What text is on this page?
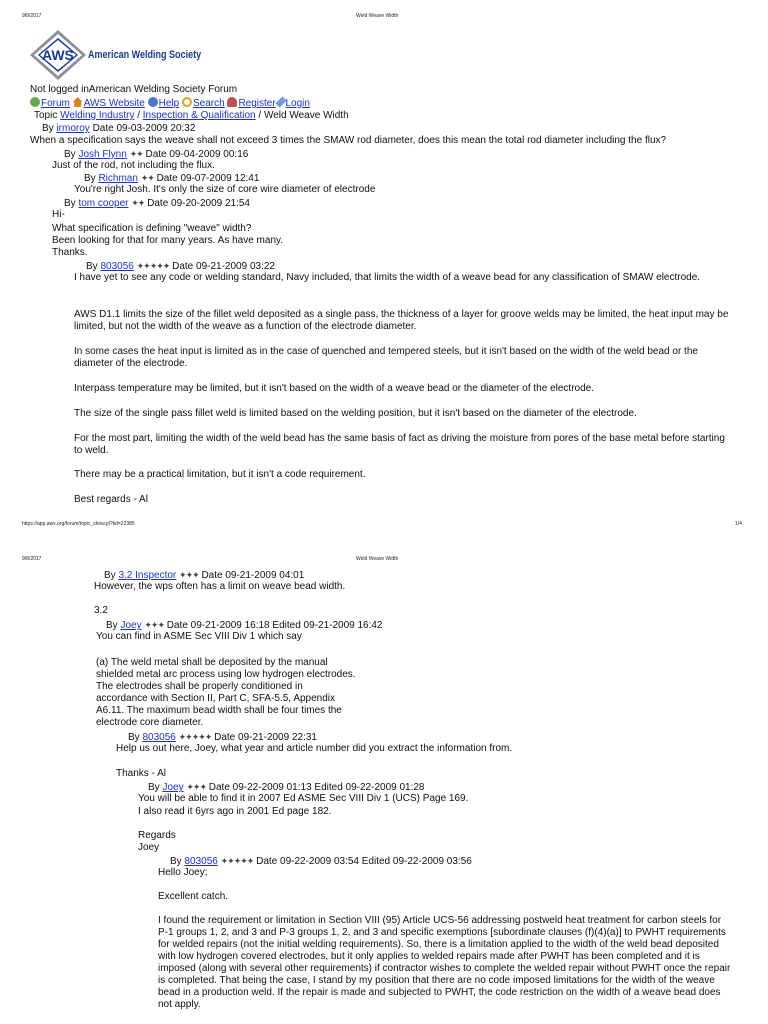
9/8/2017	Weld Weave Width
AWS American Welding Society
Not logged inAmerican Welding Society Forum
Forum AWS Website Help Search Register Login
Topic Welding Industry / Inspection & Qualification / Weld Weave Width
By irmoroy Date 09-03-2009 20:32
When a specification says the weave shall not exceed 3 times the SMAW rod diameter, does this mean the total rod diameter including the flux?
By Josh Flynn ✦✦ Date 09-04-2009 00:16
Just of the rod, not including the flux.
By Richman ✦✦ Date 09-07-2009 12:41
You're right Josh. It's only the size of core wire diameter of electrode
By tom cooper ✦✦ Date 09-20-2009 21:54
Hi-
What specification is defining "weave" width?
Been looking for that for many years. As have many.
Thanks.
By 803056 ✦✦✦✦✦ Date 09-21-2009 03:22
I have yet to see any code or welding standard, Navy included, that limits the width of a weave bead for any classification of SMAW electrode.
AWS D1.1 limits the size of the fillet weld deposited as a single pass, the thickness of a layer for groove welds may be limited, the heat input may be limited, but not the width of the weave as a function of the electrode diameter.
In some cases the heat input is limited as in the case of quenched and tempered steels, but it isn't based on the width of the weld bead or the diameter of the electrode.
Interpass temperature may be limited, but it isn't based on the width of a weave bead or the diameter of the electrode.
The size of the single pass fillet weld is limited based on the welding position, but it isn't based on the diameter of the electrode.
For the most part, limiting the width of the weld bead has the same basis of fact as driving the moisture from pores of the base metal before starting to weld.
There may be a practical limitation, but it isn't a code requirement.
Best regards - Al
https://app.aws.org/forum/topic_show.pl?tid=22385	1/4
9/8/2017	Weld Weave Width
By 3.2 Inspector ✦✦✦ Date 09-21-2009 04:01
However, the wps often has a limit on weave bead width.
3.2
By Joey ✦✦✦ Date 09-21-2009 16:18 Edited 09-21-2009 16:42
You can find in ASME Sec VIII Div 1 which say
(a) The weld metal shall be deposited by the manual
shielded metal arc process using low hydrogen electrodes.
The electrodes shall be properly conditioned in
accordance with Section II, Part C, SFA-5.5, Appendix
A6.11. The maximum bead width shall be four times the
electrode core diameter.
By 803056 ✦✦✦✦✦ Date 09-21-2009 22:31
Help us out here, Joey, what year and article number did you extract the information from.
Thanks - Al
By Joey ✦✦✦ Date 09-22-2009 01:13 Edited 09-22-2009 01:28
You will be able to find it in 2007 Ed ASME Sec VIII Div 1 (UCS) Page 169.
I also read it 6yrs ago in 2001 Ed page 182.
Regards
Joey
By 803056 ✦✦✦✦✦ Date 09-22-2009 03:54 Edited 09-22-2009 03:56
Hello Joey;
Excellent catch.
I found the requirement or limitation in Section VIII (95) Article UCS-56 addressing postweld heat treatment for carbon steels for P-1 groups 1, 2, and 3 and P-3 groups 1, 2, and 3 and specific exemptions [subordinate clauses (f)(4)(a)] to PWHT requirements for welded repairs (not the initial welding requirements). So, there is a limitation applied to the width of the weld bead deposited with low hydrogen covered electrodes, but it only applies to welded repairs made after PWHT has been completed and it is imposed (along with several other requirements) if contractor wishes to complete the welded repair without PWHT once the repair is completed. That being the case, I stand by my position that there are no code imposed limitations for the width of the weave bead in a production weld. If the repair is made and subjected to PWHT, the code restriction on the width of a weave bead does not apply.
